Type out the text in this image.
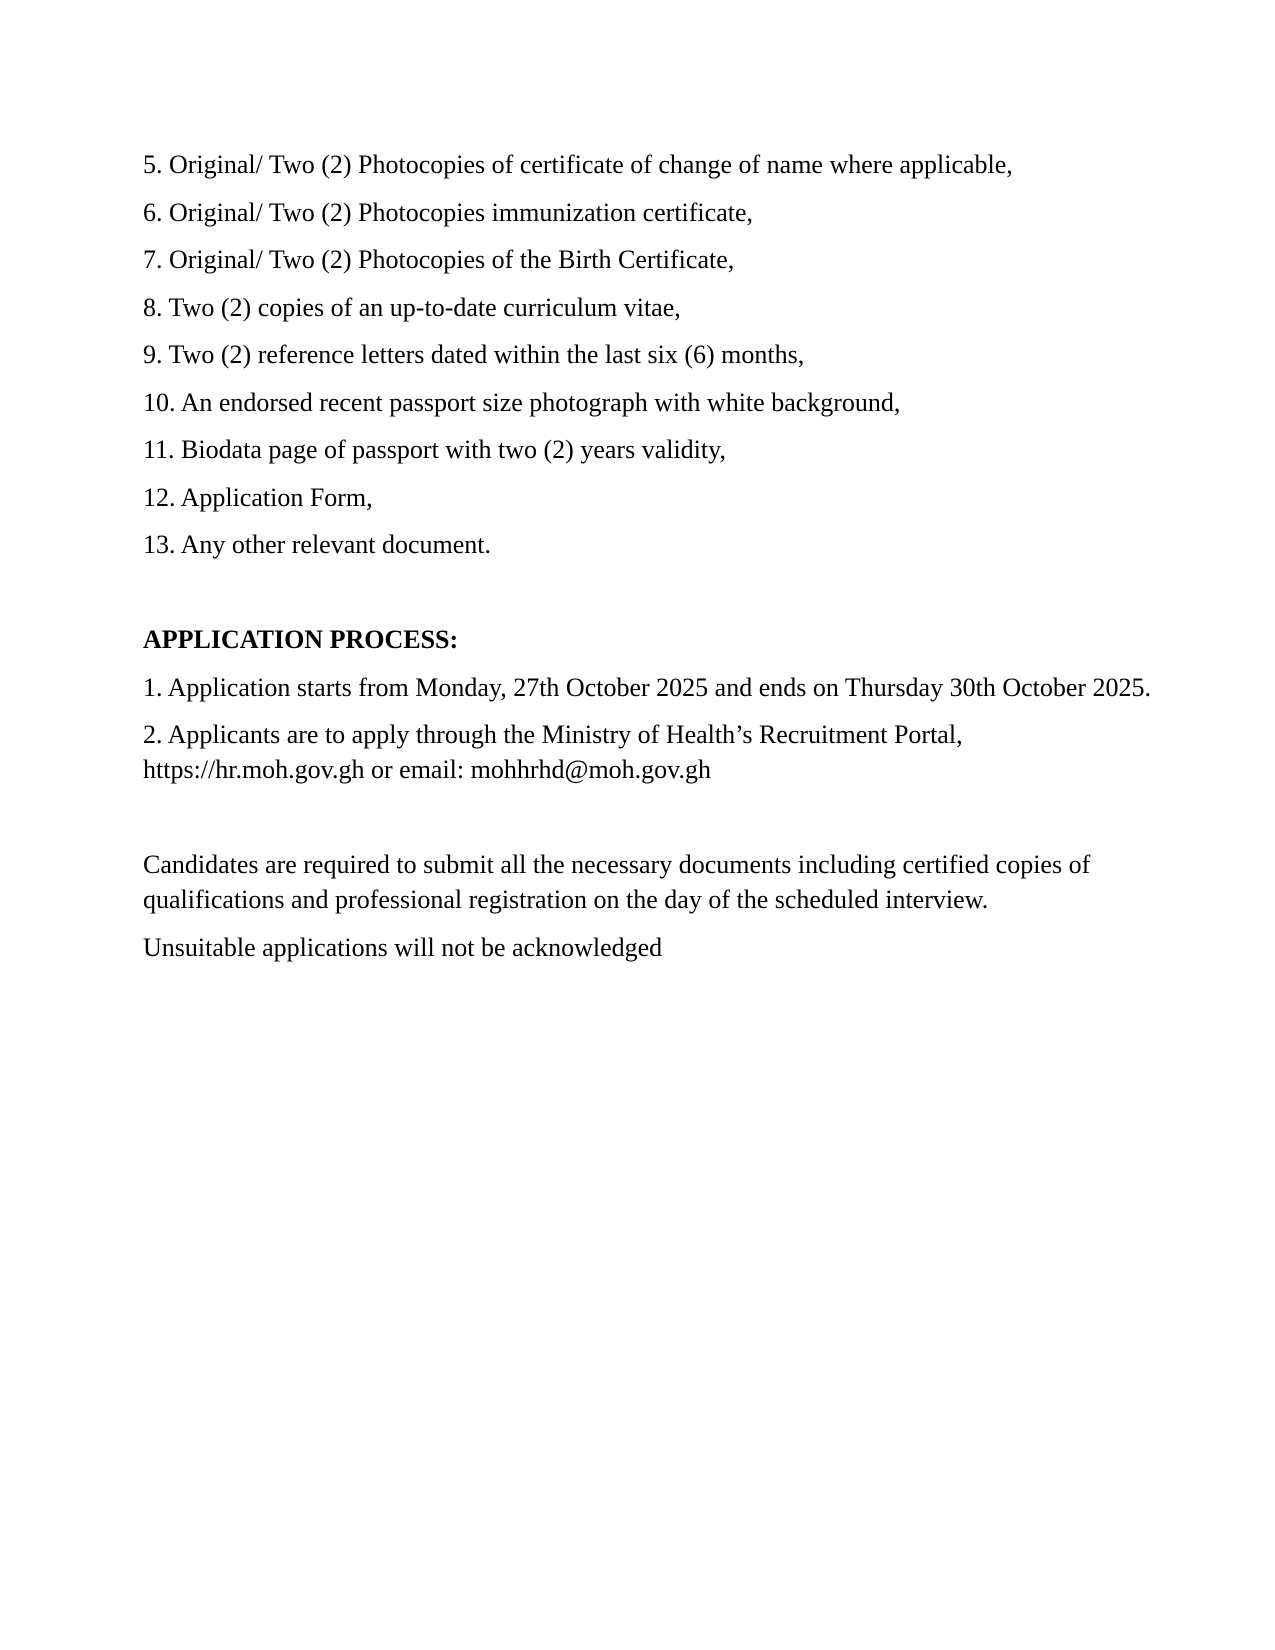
5. Original/ Two (2) Photocopies of certificate of change of name where applicable,

6. Original/ Two (2) Photocopies immunization certificate,

7. Original/ Two (2) Photocopies of the Birth Certificate,

8. Two (2) copies of an up-to-date curriculum vitae,

9. Two (2) reference letters dated within the last six (6) months,

10. An endorsed recent passport size photograph with white background,

11. Biodata page of passport with two (2) years validity,

12. Application Form,

13. Any other relevant document.

APPLICATION PROCESS:

1. Application starts from Monday, 27th October 2025 and ends on Thursday 30th October 2025.

2. Applicants are to apply through the Ministry of Health’s Recruitment Portal,
https://hr.moh.gov.gh or email: mohhrhd@moh.gov.gh

Candidates are required to submit all the necessary documents including certified copies of
qualifications and professional registration on the day of the scheduled interview.

Unsuitable applications will not be acknowledged
